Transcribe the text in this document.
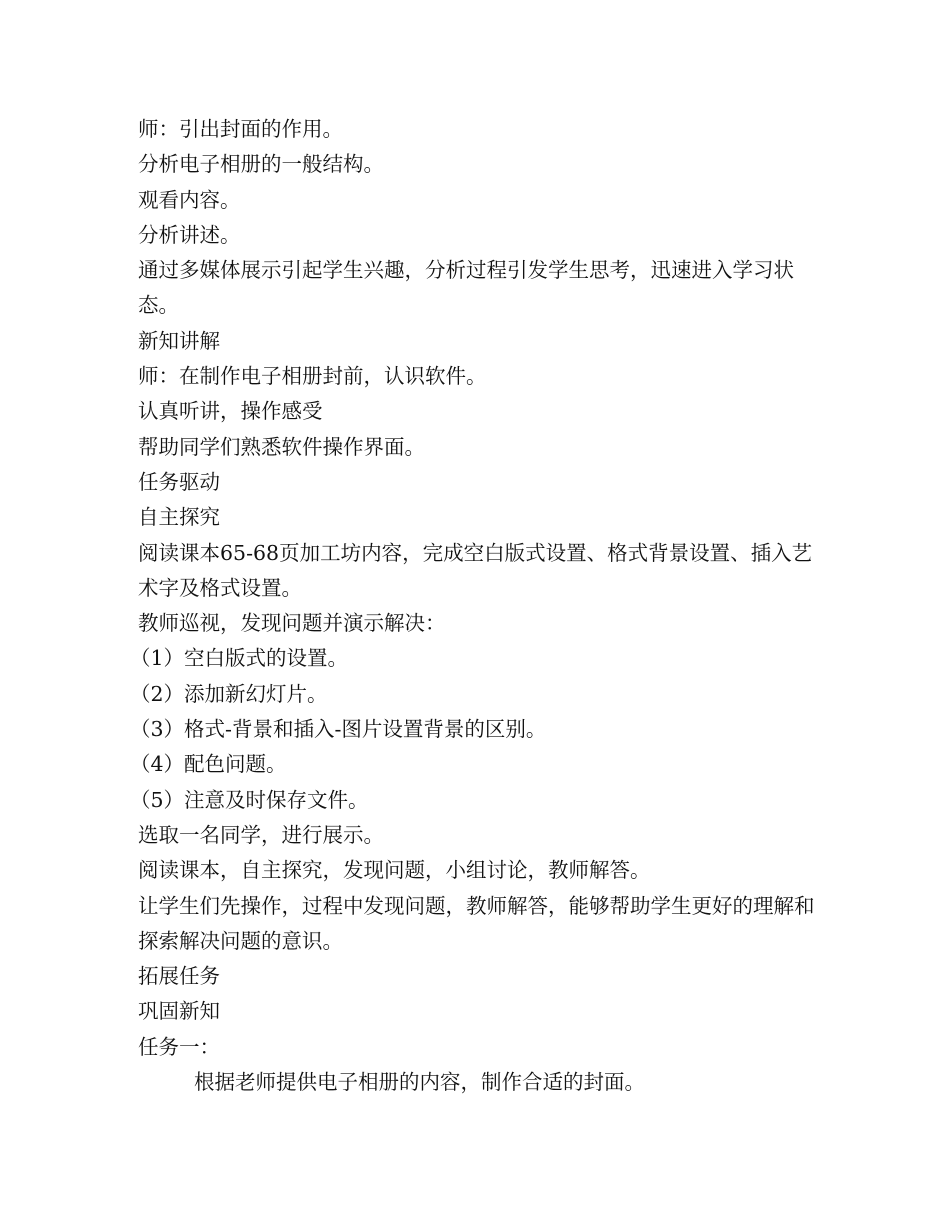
师：引出封面的作用。

分析电子相册的一般结构。

观看内容。

分析讲述。

通过多媒体展示引起学生兴趣，分析过程引发学生思考，迅速进入学习状态。

新知讲解

师：在制作电子相册封前，认识软件。

认真听讲，操作感受

帮助同学们熟悉软件操作界面。

任务驱动

自主探究

阅读课本65-68页加工坊内容，完成空白版式设置、格式背景设置、插入艺术字及格式设置。

教师巡视，发现问题并演示解决：

（1）空白版式的设置。

（2）添加新幻灯片。

（3）格式-背景和插入-图片设置背景的区别。

（4）配色问题。

（5）注意及时保存文件。

选取一名同学，进行展示。

阅读课本，自主探究，发现问题，小组讨论，教师解答。

让学生们先操作，过程中发现问题，教师解答，能够帮助学生更好的理解和探索解决问题的意识。

拓展任务

巩固新知

任务一：

根据老师提供电子相册的内容，制作合适的封面。
